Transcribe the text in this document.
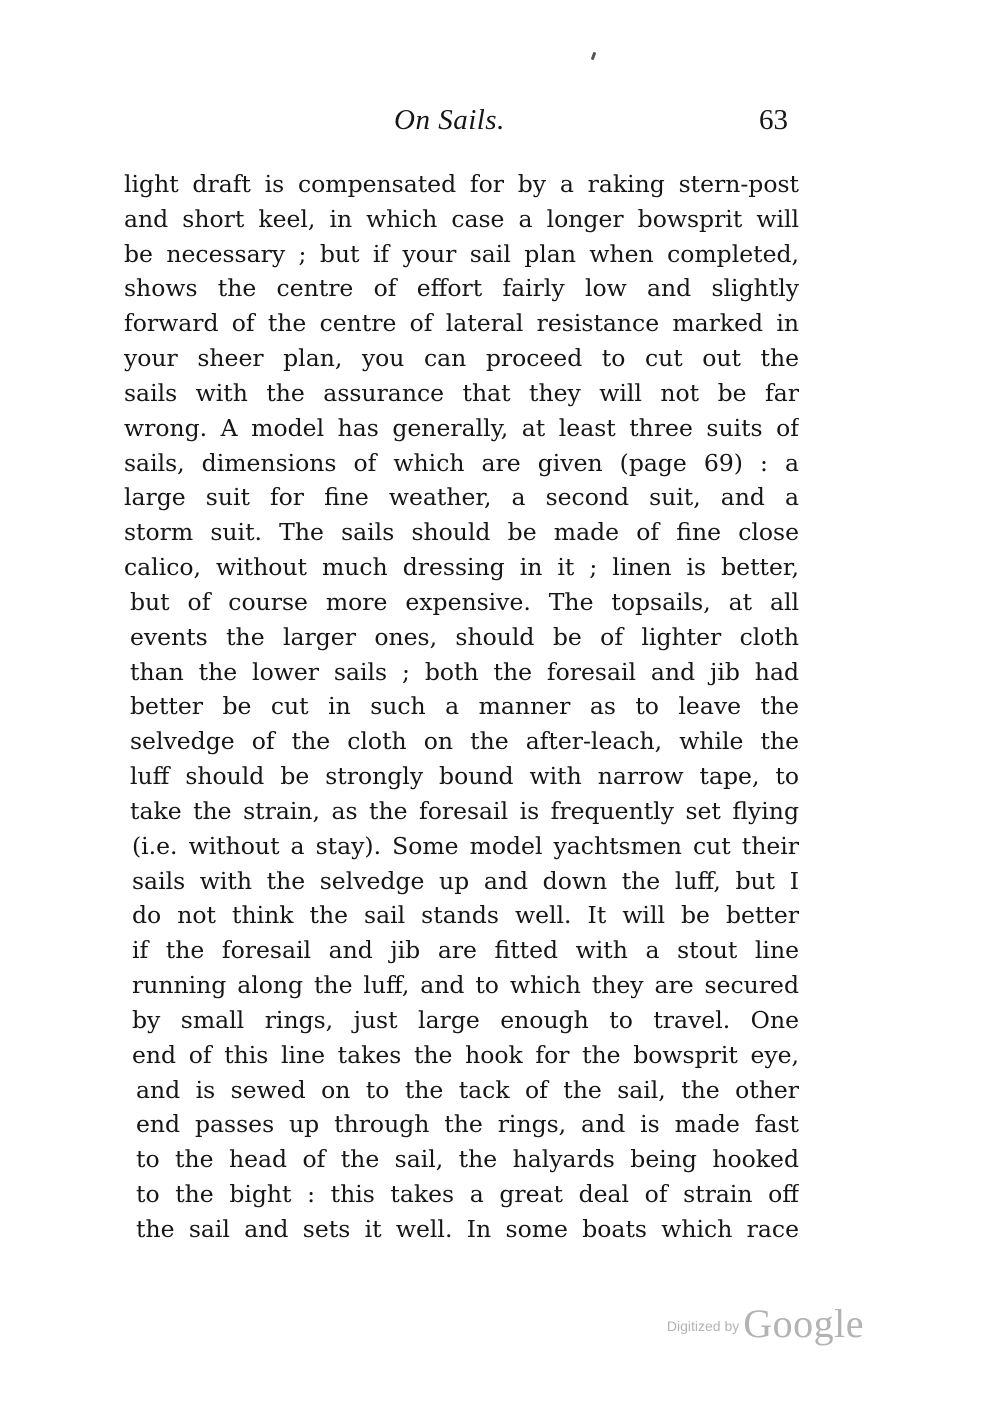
On Sails.	63
light draft is compensated for by a raking stern-post
and short keel, in which case a longer bowsprit will
be necessary ; but if your sail plan when completed,
shows the centre of effort fairly low and slightly
forward of the centre of lateral resistance marked in
your sheer plan, you can proceed to cut out the
sails with the assurance that they will not be far
wrong. A model has generally, at least three suits of
sails, dimensions of which are given (page 69) : a
large suit for fine weather, a second suit, and a
storm suit. The sails should be made of fine close
calico, without much dressing in it ; linen is better,
but of course more expensive. The topsails, at all
events the larger ones, should be of lighter cloth
than the lower sails ; both the foresail and jib had
better be cut in such a manner as to leave the
selvedge of the cloth on the after-leach, while the
luff should be strongly bound with narrow tape, to
take the strain, as the foresail is frequently set flying
(i.e. without a stay). Some model yachtsmen cut their
sails with the selvedge up and down the luff, but I
do not think the sail stands well. It will be better
if the foresail and jib are fitted with a stout line
running along the luff, and to which they are secured
by small rings, just large enough to travel. One
end of this line takes the hook for the bowsprit eye,
and is sewed on to the tack of the sail, the other
end passes up through the rings, and is made fast
to the head of the sail, the halyards being hooked
to the bight : this takes a great deal of strain off
the sail and sets it well. In some boats which race
Digitized by Google
